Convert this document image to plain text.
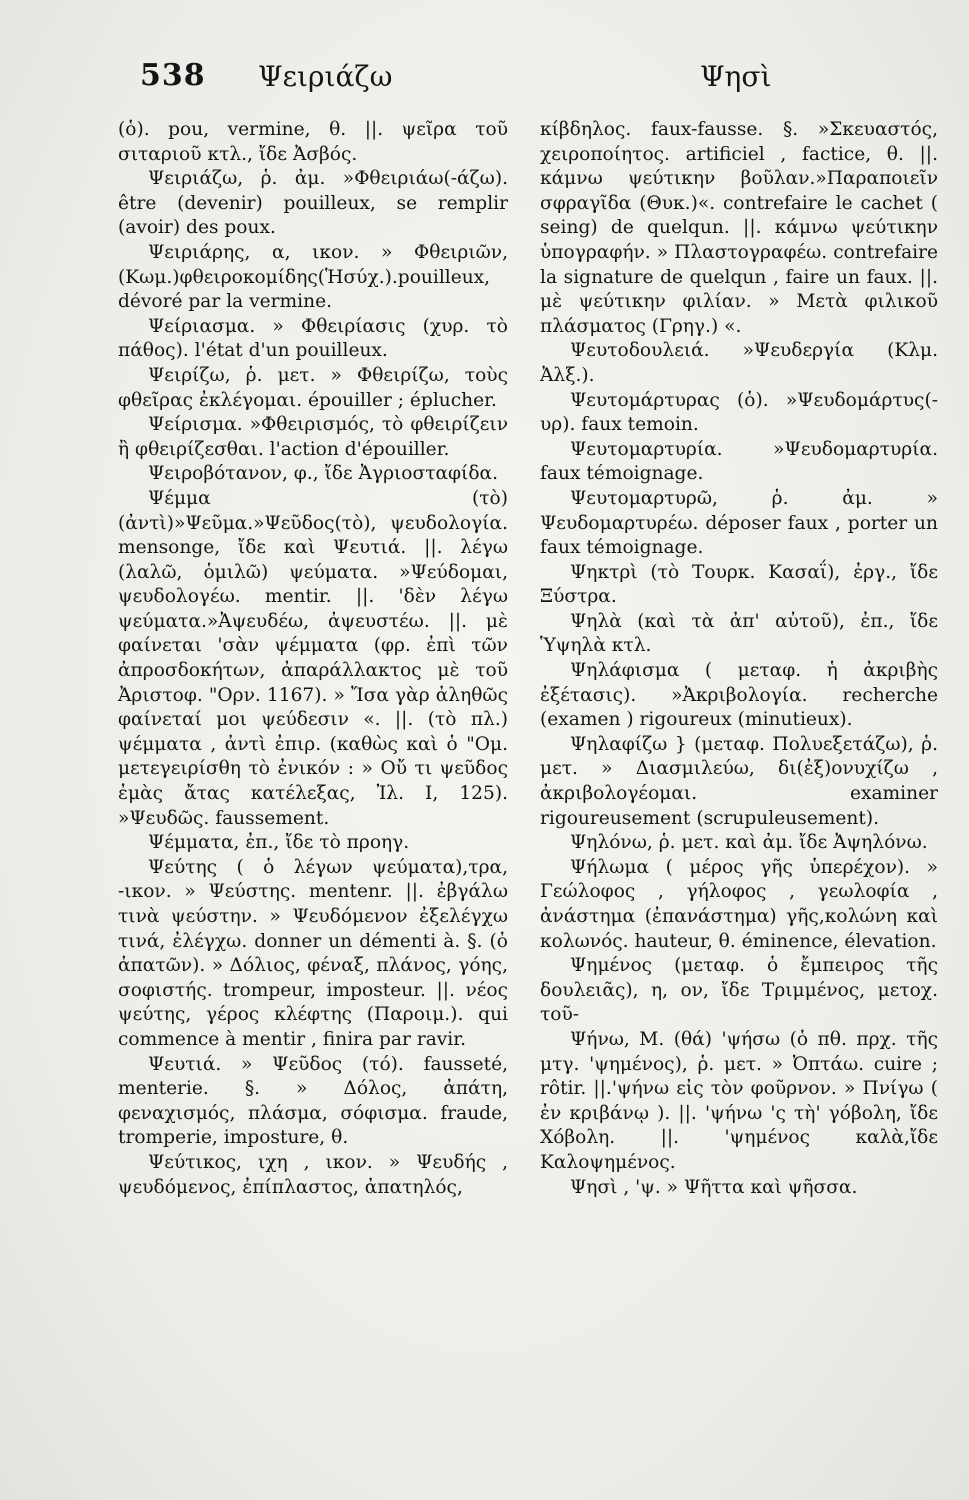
538 Ψειριάζω	Ψησὶ

(ὁ). pou, vermine, θ. ||. ψεῖρα τοῦ σιταριοῦ κτλ., ἴδε Ἀσβός.

Ψειριάζω, ῥ. ἀμ. »Φθειριάω(-άζω). être (devenir) pouilleux, se remplir (avoir) des poux.

Ψειριάρης, α, ικον. » Φθειριῶν, (Κωμ.)φθειροκομίδης(Ἡσύχ.).pouilleux, dévoré par la vermine.

Ψείριασμα. » Φθειρίασις (χυρ. τὸ πάθος). l'état d'un pouilleux.

Ψειρίζω, ῥ. μετ. » Φθειρίζω, τοὺς φθεῖρας ἐκλέγομαι. épouiller ; éplucher.

Ψείρισμα. »Φθειρισμός, τὸ φθειρίζειν ἢ φθειρίζεσθαι. l'action d'épouiller.

Ψειροβότανον, φ., ἴδε Ἀγριοσταφίδα.

Ψέμμα (τὸ) (ἀντὶ)»Ψεῦμα.»Ψεῦδος(τὸ), ψευδολογία. mensonge, ἴδε καὶ Ψευτιά. ||. λέγω (λαλῶ, ὁμιλῶ) ψεύματα. »Ψεύδομαι, ψευδολογέω. mentir. ||. 'δὲν λέγω ψεύματα.»Ἀψευδέω, ἀψευστέω. ||. μὲ φαίνεται 'σὰν ψέμματα (φρ. ἐπὶ τῶν ἀπροσδοκήτων, ἀπαράλλακτος μὲ τοῦ Ἀριστοφ. "Ορν. 1167). » Ἴσα γὰρ ἀληθῶς φαίνεταί μοι ψεύδεσιν «. ||. (τὸ πλ.) ψέμματα , ἀντὶ ἐπιρ. (καθὼς καὶ ὁ "Ομ. μετεγειρίσθη τὸ ἐνικόν : » Οὔ τι ψεῦδος ἐμὰς ἄτας κατέλεξας, Ἰλ. Ι, 125). »Ψευδῶς. faussement.

Ψέμματα, ἐπ., ἴδε τὸ προηγ.

Ψεύτης ( ὁ λέγων ψεύματα),τρα, -ικον. » Ψεύστης. mentenr. ||. ἐβγάλω τινὰ ψεύστην. » Ψευδόμενον ἐξελέγχω τινά, ἐλέγχω. donner un démenti à. §. (ὁ ἀπατῶν). » Δόλιος, φέναξ, πλάνος, γόης, σοφιστής. trompeur, imposteur. ||. νέος ψεύτης, γέρος κλέφτης (Παροιμ.). qui commence à mentir , finira par ravir.

Ψευτιά. » Ψεῦδος (τό). fausseté, menterie. §. » Δόλος, ἀπάτη, φεναχισμός, πλάσμα, σόφισμα. fraude, tromperie, imposture, θ.

Ψεύτικος, ιχη , ικον. » Ψευδής , ψευδόμενος, ἐπίπλαστος, ἀπατηλός,

κίβδηλος. faux-fausse. §. »Σκευαστός, χειροποίητος. artificiel , factice, θ. ||. κάμνω ψεύτικην βοῦλαν.»Παραποιεῖν σφραγῖδα (Θυκ.)«. contrefaire le cachet ( seing) de quelqun. ||. κάμνω ψεύτικην ὑπογραφήν. » Πλαστογραφέω. contrefaire la signature de quelqun , faire un faux. ||. μὲ ψεύτικην φιλίαν. » Μετὰ φιλικοῦ πλάσματος (Γρηγ.) «.

Ψευτοδουλειά. »Ψευδεργία (Κλμ. Ἀλξ.).

Ψευτομάρτυρας (ὁ). »Ψευδομάρτυς(-υρ). faux temoin.

Ψευτομαρτυρία. »Ψευδομαρτυρία. faux témoignage.

Ψευτομαρτυρῶ, ῥ. ἀμ. » Ψευδομαρτυρέω. déposer faux , porter un faux témoignage.

Ψηκτρὶ (τὸ Τουρκ. Κασαΐ), ἐργ., ἴδε Ξύστρα.

Ψηλὰ (καὶ τὰ ἀπ' αὐτοῦ), ἐπ., ἴδε Ὑψηλὰ κτλ.

Ψηλάφισμα ( μεταφ. ἡ ἀκριβὴς ἐξέτασις). »Ἀκριβολογία. recherche (examen ) rigoureux (minutieux).

Ψηλαφίζω } (μεταφ. Πολυεξετάζω), ῥ. μετ. » Διασμιλεύω, δι(ἐξ)ονυχίζω , ἀκριβολογέομαι. examiner rigoureusement (scrupuleusement).

Ψηλόνω, ῥ. μετ. καὶ ἀμ. ἴδε Ἀψηλόνω.

Ψήλωμα ( μέρος γῆς ὑπερέχον). » Γεώλοφος , γήλοφος , γεωλοφία , ἀνάστημα (ἐπανάστημα) γῆς,κολώνη καὶ κολωνός. hauteur, θ. éminence, élevation.

Ψημένος (μεταφ. ὁ ἔμπειρος τῆς δουλειᾶς), η, ον, ἴδε Τριμμένος, μετοχ. τοῦ-

Ψήνω, Μ. (θά) 'ψήσω (ὁ πθ. πρχ. τῆς μτγ. 'ψημένος), ῥ. μετ. » Ὀπτάω. cuire ; rôtir. ||.'ψήνω εἰς τὸν φοῦρνον. » Πνίγω ( ἐν κριβάνῳ ). ||. 'ψήνω 'ς τὴ' γόβολη, ἴδε Χόβολη. ||. 'ψημένος καλὰ,ἴδε Καλοψημένος.

Ψησὶ , 'ψ. » Ψῆττα καὶ ψῆσσα.
